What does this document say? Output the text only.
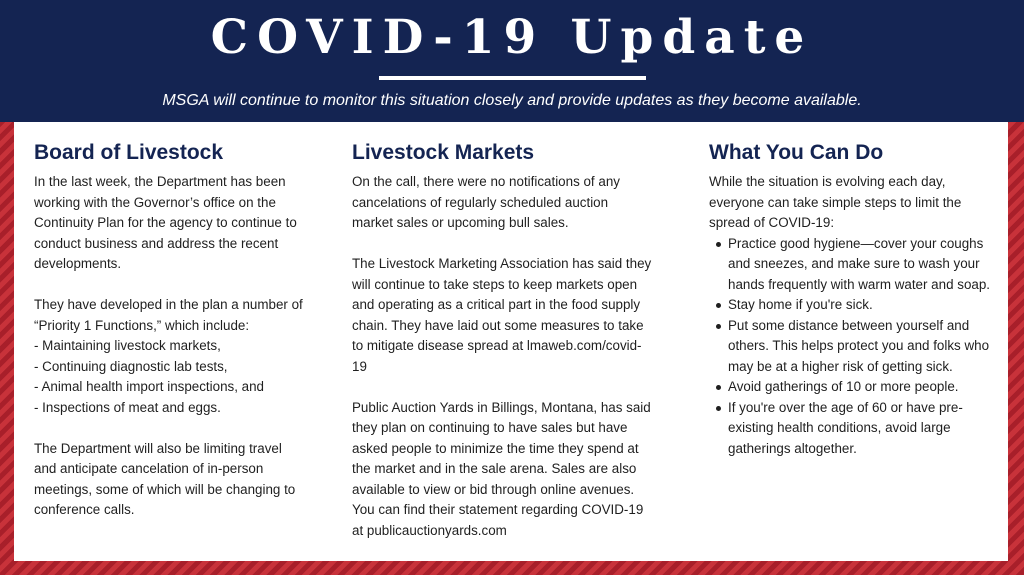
COVID-19 Update
MSGA will continue to monitor this situation closely and provide updates as they become available.
Board of Livestock
In the last week, the Department has been
working with the Governor’s office on the
Continuity Plan for the agency to continue to
conduct business and address the recent
developments.
They have developed in the plan a number of
“Priority 1 Functions,” which include:
- Maintaining livestock markets,
- Continuing diagnostic lab tests,
- Animal health import inspections, and
- Inspections of meat and eggs.
The Department will also be limiting travel
and anticipate cancelation of in-person
meetings, some of which will be changing to
conference calls.
Livestock Markets
On the call, there were no notifications of any
cancelations of regularly scheduled auction
market sales or upcoming bull sales.
The Livestock Marketing Association has said they
will continue to take steps to keep markets open
and operating as a critical part in the food supply
chain. They have laid out some measures to take
to mitigate disease spread at lmaweb.com/covid-
19
Public Auction Yards in Billings, Montana, has said
they plan on continuing to have sales but have
asked people to minimize the time they spend at
the market and in the sale arena. Sales are also
available to view or bid through online avenues.
You can find their statement regarding COVID-19
at publicauctionyards.com
What You Can Do
While the situation is evolving each day,
everyone can take simple steps to limit the
spread of COVID-19:
Practice good hygiene—cover your coughs and sneezes, and make sure to wash your hands frequently with warm water and soap.
Stay home if you're sick.
Put some distance between yourself and others. This helps protect you and folks who may be at a higher risk of getting sick.
Avoid gatherings of 10 or more people.
If you're over the age of 60 or have pre-existing health conditions, avoid large gatherings altogether.
